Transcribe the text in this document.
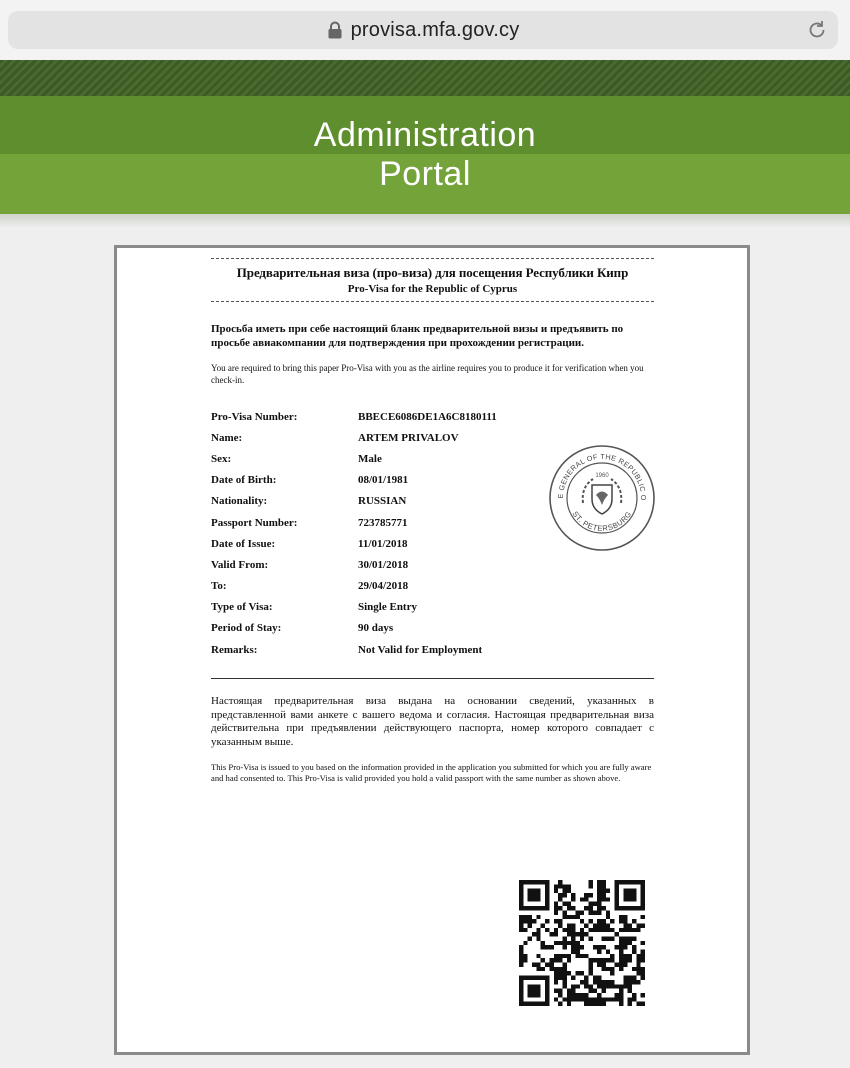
provisa.mfa.gov.cy
Administration
Portal
Предварительная виза (про-виза) для посещения Республики Кипр
Pro-Visa for the Republic of Cyprus
Просьба иметь при себе настоящий бланк предварительной визы и предъявить по просьбе авиакомпании для подтверждения при прохождении регистрации.
You are required to bring this paper Pro-Visa with you as the airline requires you to produce it for verification when you check-in.
Pro-Visa Number:	BBECE6086DE1A6C8180111
Name:	ARTEM PRIVALOV
Sex:	Male
Date of Birth:	08/01/1981
Nationality:	RUSSIAN
Passport Number:	723785771
Date of Issue:	11/01/2018
Valid From:	30/01/2018
To:	29/04/2018
Type of Visa:	Single Entry
Period of Stay:	90 days
Remarks:	Not Valid for Employment
Настоящая предварительная виза выдана на основании сведений, указанных в представленной вами анкете с вашего ведома и согласия. Настоящая предварительная виза действительна при предъявлении действующего паспорта, номер которого совпадает с указанным выше.
This Pro-Visa is issued to you based on the information provided in the application you submitted for which you are fully aware and had consented to. This Pro-Visa is valid provided you hold a valid passport with the same number as shown above.
E GENERAL OF THE REPUBLIC O
ST. PETERSBURG
1960
